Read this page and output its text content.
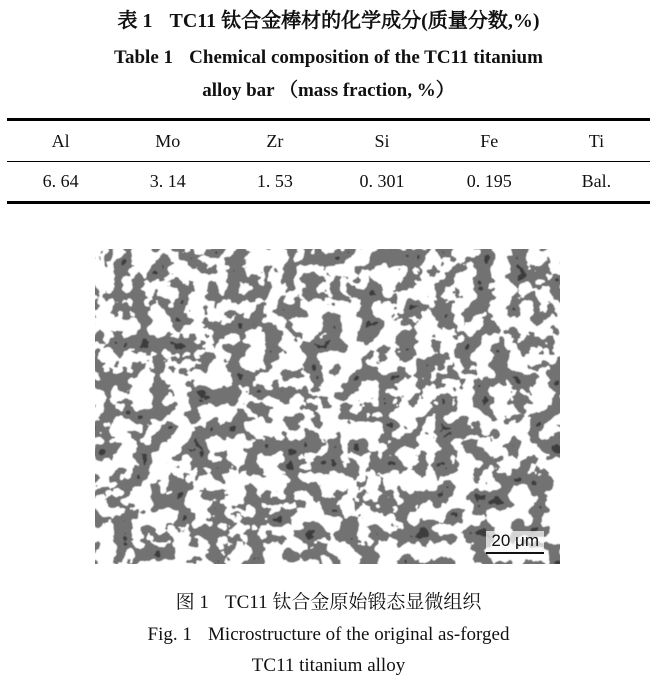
表 1 TC11 钛合金棒材的化学成分(质量分数,%)
Table 1 Chemical composition of the TC11 titanium
alloy bar （mass fraction, %）
Al	Mo	Zr	Si	Fe	Ti
6. 64	3. 14	1. 53	0. 301	0. 195	Bal.
20 μm
图 1 TC11 钛合金原始锻态显微组织
Fig. 1 Microstructure of the original as-forged
TC11 titanium alloy
